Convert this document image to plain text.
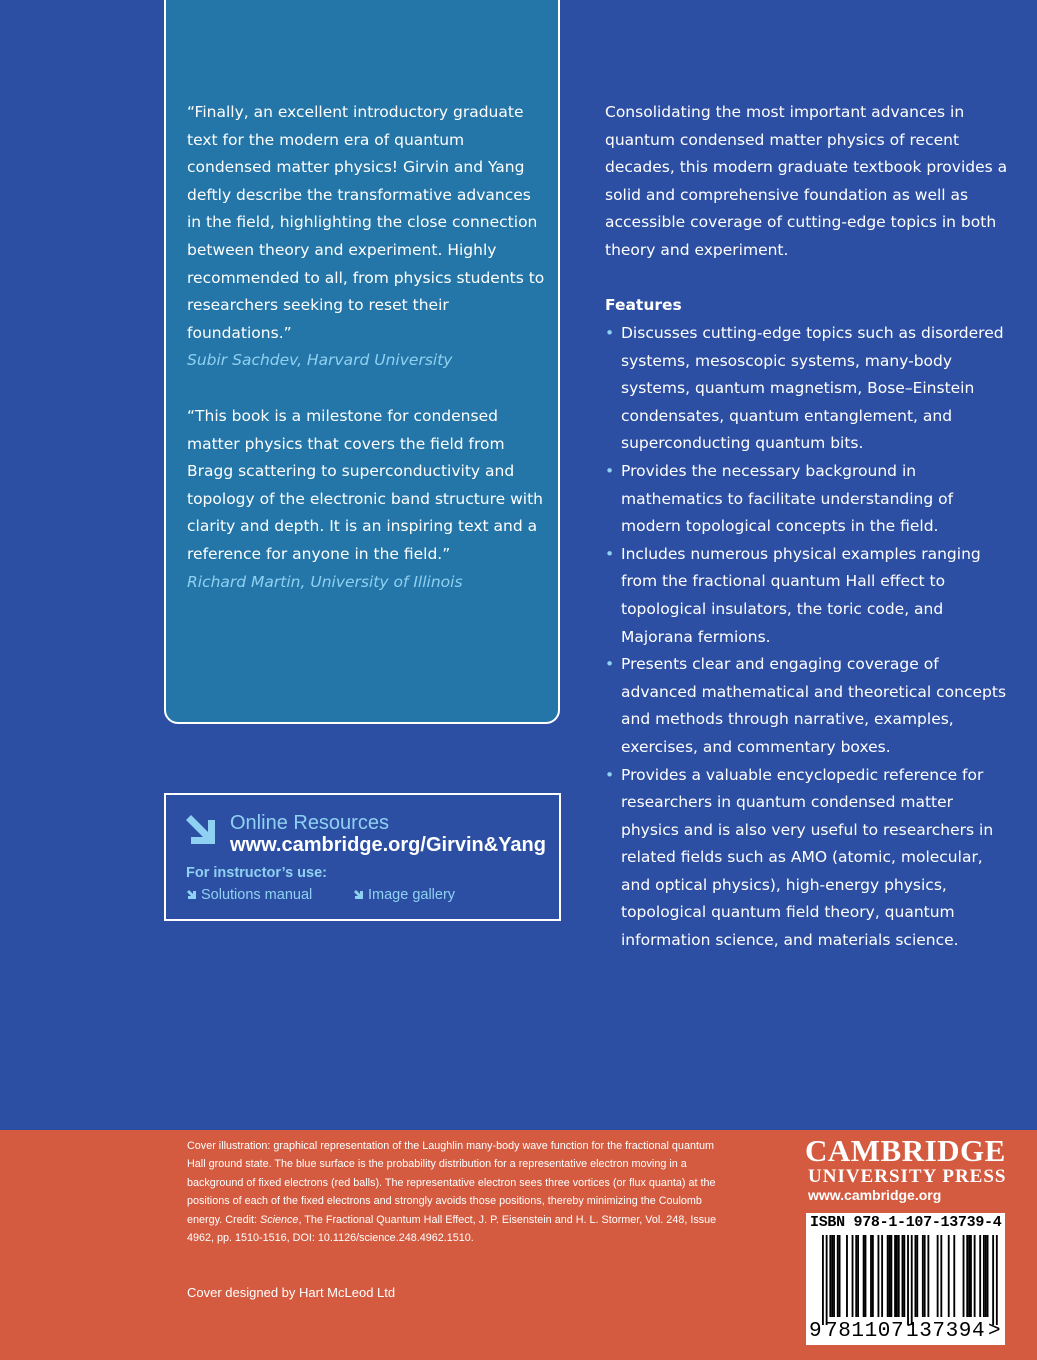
“Finally, an excellent introductory graduate text for the modern era of quantum condensed matter physics! Girvin and Yang deftly describe the transformative advances in the field, highlighting the close connection between theory and experiment. Highly recommended to all, from physics students to researchers seeking to reset their foundations.”

Subir Sachdev, Harvard University

“This book is a milestone for condensed matter physics that covers the field from Bragg scattering to superconductivity and topology of the electronic band structure with clarity and depth. It is an inspiring text and a reference for anyone in the field.”

Richard Martin, University of Illinois

Consolidating the most important advances in quantum condensed matter physics of recent decades, this modern graduate textbook provides a solid and comprehensive foundation as well as accessible coverage of cutting-edge topics in both theory and experiment.

Features
• Discusses cutting-edge topics such as disordered systems, mesoscopic systems, many-body systems, quantum magnetism, Bose–Einstein condensates, quantum entanglement, and superconducting quantum bits.
• Provides the necessary background in mathematics to facilitate understanding of modern topological concepts in the field.
• Includes numerous physical examples ranging from the fractional quantum Hall effect to topological insulators, the toric code, and Majorana fermions.
• Presents clear and engaging coverage of advanced mathematical and theoretical concepts and methods through narrative, examples, exercises, and commentary boxes.
• Provides a valuable encyclopedic reference for researchers in quantum condensed matter physics and is also very useful to researchers in related fields such as AMO (atomic, molecular, and optical physics), high-energy physics, topological quantum field theory, quantum information science, and materials science.
Online Resources
www.cambridge.org/Girvin&Yang
For instructor’s use:
Solutions manual	Image gallery
Cover illustration: graphical representation of the Laughlin many-body wave function for the fractional quantum Hall ground state. The blue surface is the probability distribution for a representative electron moving in a background of fixed electrons (red balls). The representative electron sees three vortices (or flux quanta) at the positions of each of the fixed electrons and strongly avoids those positions, thereby minimizing the Coulomb energy. Credit: Science, The Fractional Quantum Hall Effect, J. P. Eisenstein and H. L. Stormer, Vol. 248, Issue 4962, pp. 1510-1516, DOI: 10.1126/science.248.4962.1510.
Cover designed by Hart McLeod Ltd
CAMBRIDGE
UNIVERSITY PRESS
www.cambridge.org
ISBN 978-1-107-13739-4
9 781107 137394 >
